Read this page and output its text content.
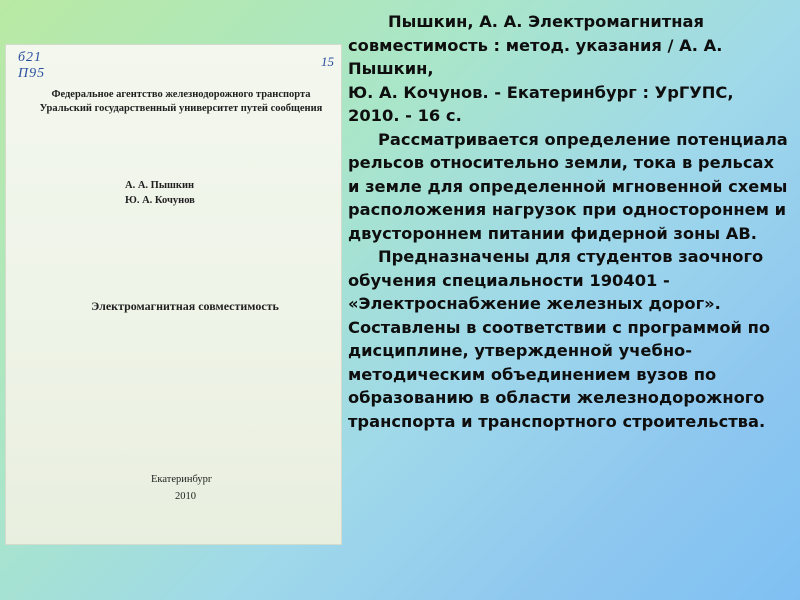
б21
П95
15
Федеральное агентство железнодорожного транспорта
Уральский государственный университет путей сообщения
А. А. Пышкин
Ю. А. Кочунов
Электромагнитная совместимость
Екатеринбург
2010

Пышкин, А. А. Электромагнитная

совместимость : метод. указания / А. А.

Пышкин,

Ю. А. Кочунов. - Екатеринбург : УрГУПС,

2010. - 16 с.

Рассматривается определение потенциала рельсов относительно земли, тока в рельсах и земле для определенной мгновенной схемы расположения нагрузок при одностороннем и двустороннем питании фидерной зоны АВ.

Предназначены для студентов заочного обучения специальности 190401 - «Электроснабжение железных дорог». Составлены в соответствии с программой по дисциплине, утвержденной учебно-методическим объединением вузов по образованию в области железнодорожного транспорта и транспортного строительства.
